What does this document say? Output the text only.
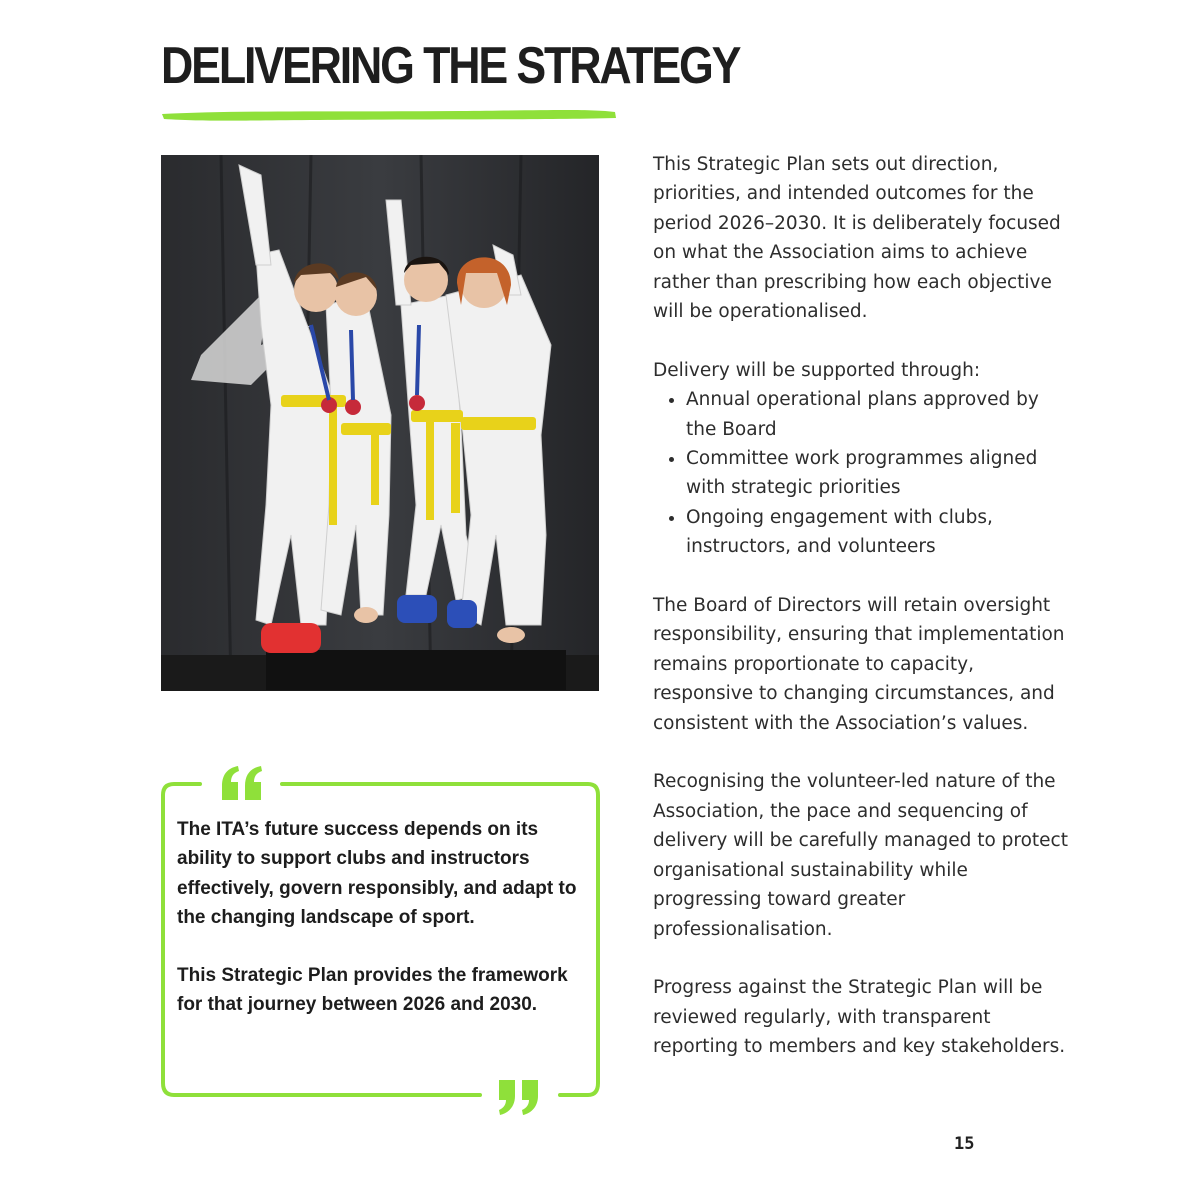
DELIVERING THE STRATEGY

The ITA’s future success depends on its ability to support clubs and instructors effectively, govern responsibly, and adapt to the changing landscape of sport.

This Strategic Plan provides the framework for that journey between 2026 and 2030.

This Strategic Plan sets out direction, priorities, and intended outcomes for the period 2026–2030. It is deliberately focused on what the Association aims to achieve rather than prescribing how each objective will be operationalised.

Delivery will be supported through:

• Annual operational plans approved by the Board
• Committee work programmes aligned with strategic priorities
• Ongoing engagement with clubs, instructors, and volunteers

The Board of Directors will retain oversight responsibility, ensuring that implementation remains proportionate to capacity, responsive to changing circumstances, and consistent with the Association’s values.

Recognising the volunteer-led nature of the Association, the pace and sequencing of delivery will be carefully managed to protect organisational sustainability while progressing toward greater professionalisation.

Progress against the Strategic Plan will be reviewed regularly, with transparent reporting to members and key stakeholders.

15
